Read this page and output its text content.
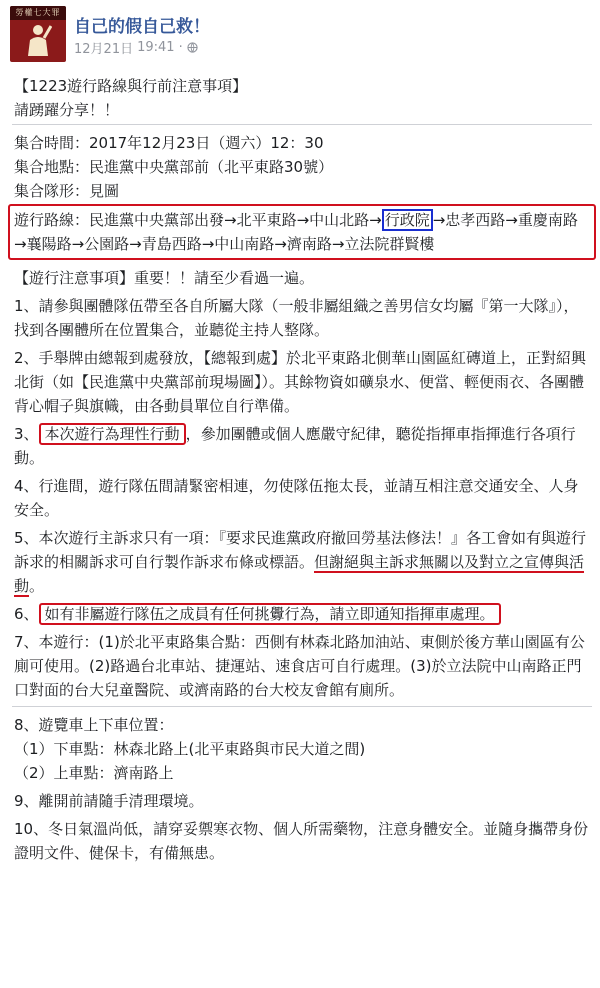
勞權七大罪
自己的假自己救！
12月21日 19:41 ·
【1223遊行路線與行前注意事項】
請踴躍分享！！
集合時間：2017年12月23日（週六）12：30
集合地點：民進黨中央黨部前（北平東路30號）
集合隊形：見圖
遊行路線：民進黨中央黨部出發→北平東路→中山北路→ 行政院 →忠孝西路→重慶南路→襄陽路→公園路→青島西路→中山南路→濟南路→立法院群賢樓
【遊行注意事項】重要！！請至少看過一遍。
1、請參與團體隊伍帶至各自所屬大隊（一般非屬組織之善男信女均屬『第一大隊』），找到各團體所在位置集合，並聽從主持人整隊。
2、手舉牌由總報到處發放，【總報到處】於北平東路北側華山園區紅磚道上，正對紹興北街（如【民進黨中央黨部前現場圖】）。其餘物資如礦泉水、便當、輕便雨衣、各團體背心帽子與旗幟，由各動員單位自行準備。
3、 本次遊行為理性行動 ，參加團體或個人應嚴守紀律，聽從指揮車指揮進行各項行動。
4、行進間，遊行隊伍間請緊密相連，勿使隊伍拖太長，並請互相注意交通安全、人身安全。
5、本次遊行主訴求只有一項：『要求民進黨政府撤回勞基法修法！』各工會如有與遊行訴求的相關訴求可自行製作訴求布條或標語。但謝絕與主訴求無關以及對立之宣傳與活動。
6、 如有非屬遊行隊伍之成員有任何挑釁行為，請立即通知指揮車處理。
7、本遊行：(1)於北平東路集合點：西側有林森北路加油站、東側於後方華山園區有公廁可使用。(2)路過台北車站、捷運站、速食店可自行處理。(3)於立法院中山南路正門口對面的台大兒童醫院、或濟南路的台大校友會館有廁所。
8、遊覽車上下車位置：
（1）下車點：林森北路上(北平東路與市民大道之間)
（2）上車點：濟南路上
9、離開前請隨手清理環境。
10、冬日氣溫尚低，請穿妥禦寒衣物、個人所需藥物，注意身體安全。並隨身攜帶身份證明文件、健保卡，有備無患。
